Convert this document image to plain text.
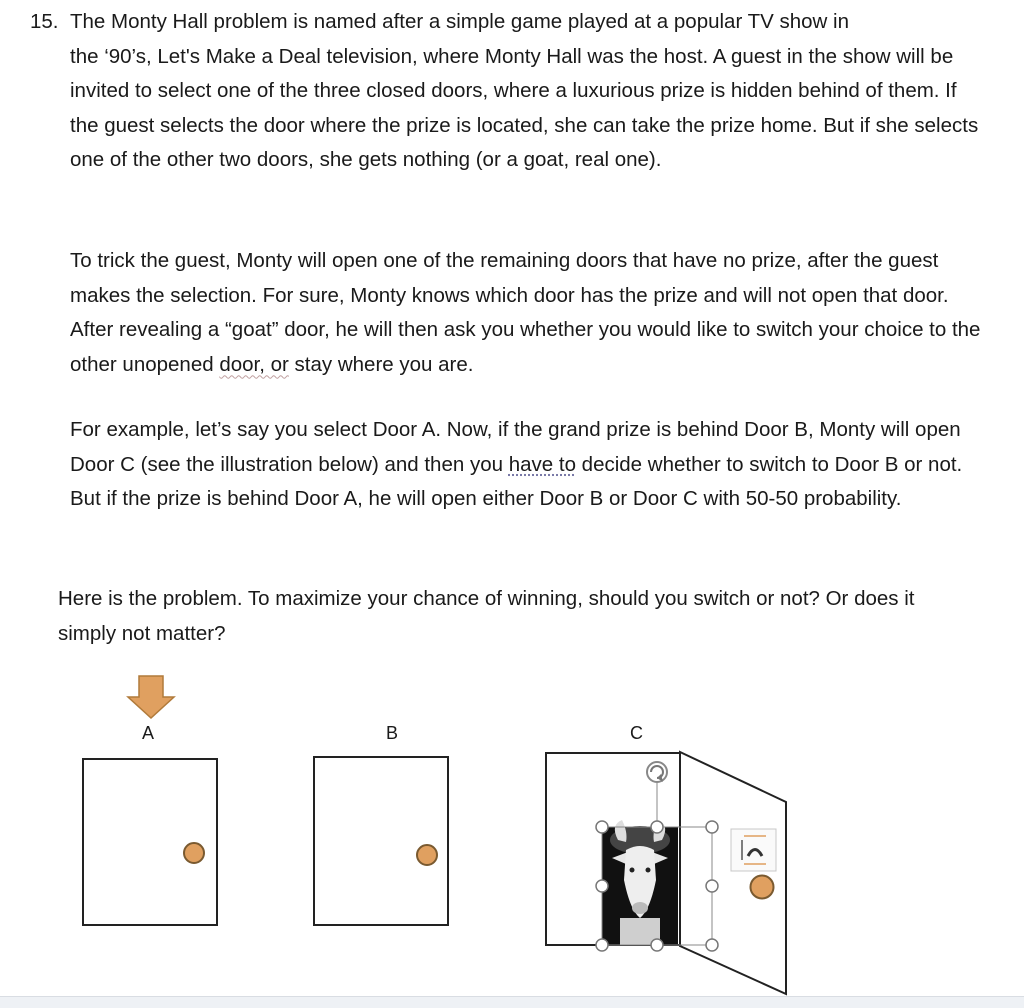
15. The Monty Hall problem is named after a simple game played at a popular TV show in

the ‘90’s, Let's Make a Deal television, where Monty Hall was the host. A guest in the show will be invited to select one of the three closed doors, where a luxurious prize is hidden behind of them. If the guest selects the door where the prize is located, she can take the prize home. But if she selects one of the other two doors, she gets nothing (or a goat, real one).

To trick the guest, Monty will open one of the remaining doors that have no prize, after the guest makes the selection. For sure, Monty knows which door has the prize and will not open that door. After revealing a “goat” door, he will then ask you whether you would like to switch your choice to the other unopened door, or stay where you are.
For example, let’s say you select Door A. Now, if the grand prize is behind Door B, Monty will open Door C (see the illustration below) and then you have to decide whether to switch to Door B or not. But if the prize is behind Door A, he will open either Door B or Door C with 50-50 probability.
Here is the problem. To maximize your chance of winning, should you switch or not? Or does it simply not matter?
A	B	C
